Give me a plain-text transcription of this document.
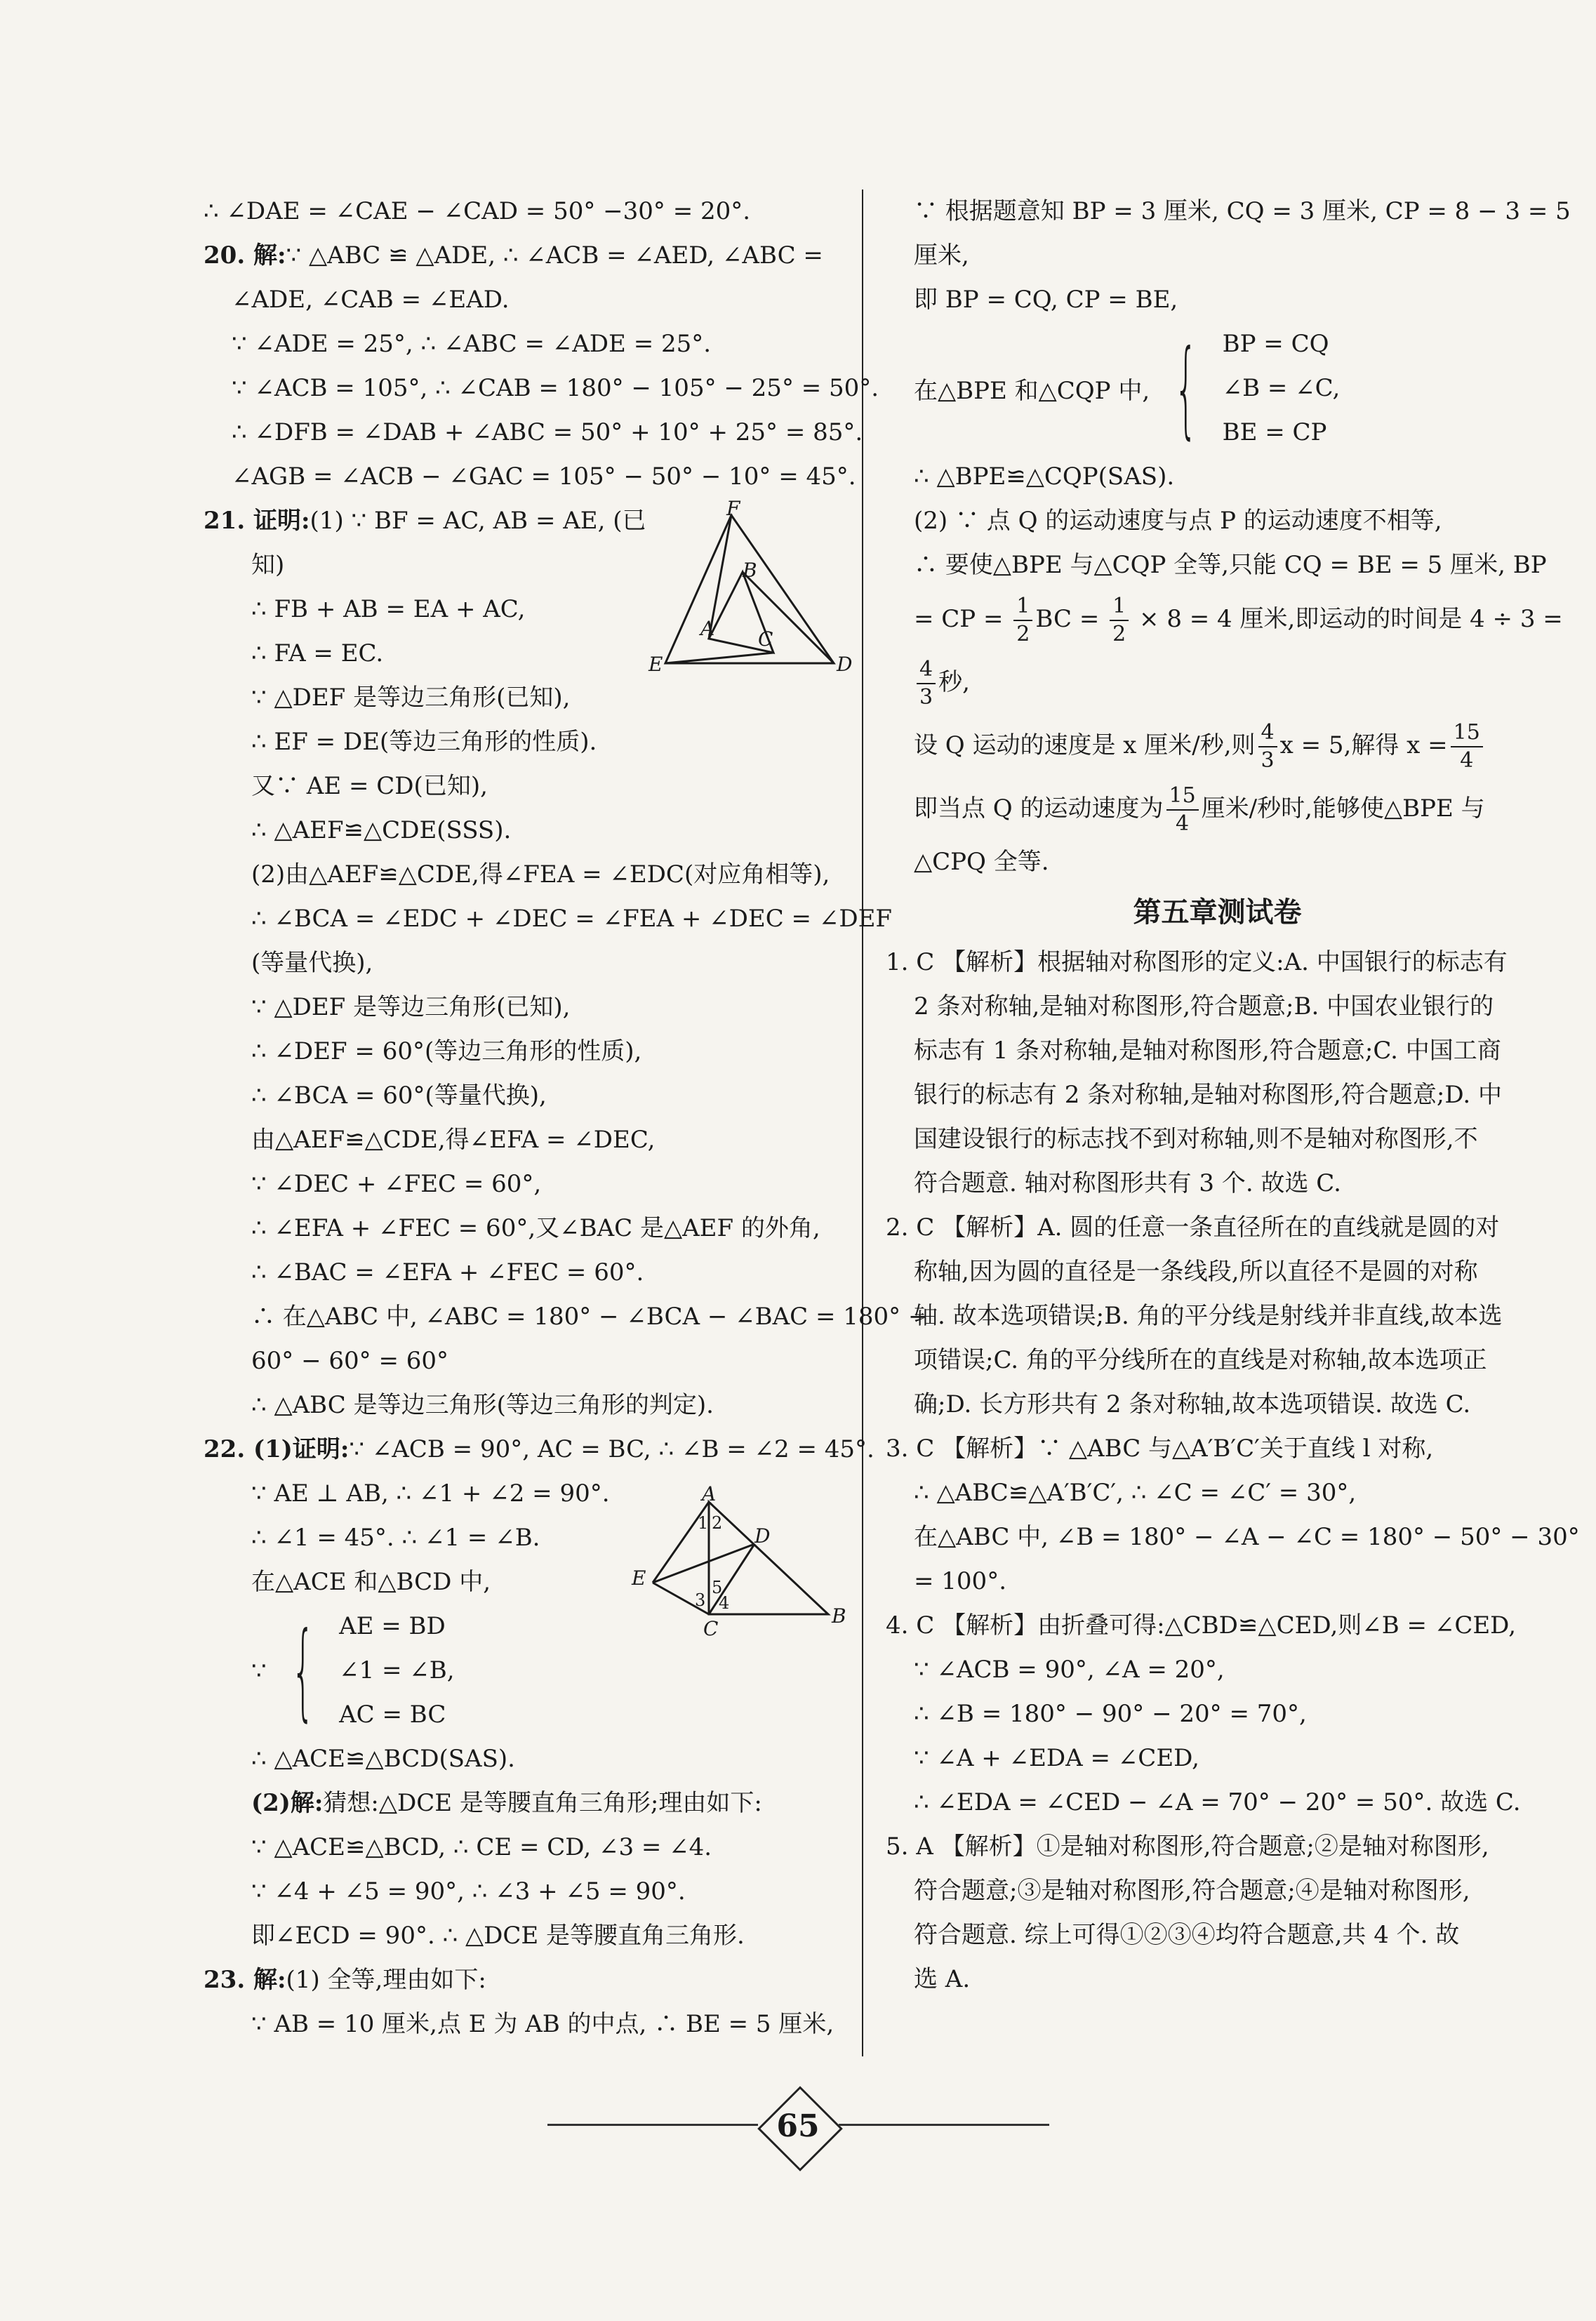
∴ ∠DAE = ∠CAE − ∠CAD = 50° −30° = 20°.
20. 解:∵ △ABC ≌ △ADE, ∴ ∠ACB = ∠AED, ∠ABC =
∠ADE, ∠CAB = ∠EAD.
∵ ∠ADE = 25°, ∴ ∠ABC = ∠ADE = 25°.
∵ ∠ACB = 105°, ∴ ∠CAB = 180° − 105° − 25° = 50°.
∴ ∠DFB = ∠DAB + ∠ABC = 50° + 10° + 25° = 85°.
∠AGB = ∠ACB − ∠GAC = 105° − 50° − 10° = 45°.
21. 证明:(1) ∵ BF = AC, AB = AE, (已
知)
∴ FB + AB = EA + AC,
∴ FA = EC.
∵ △DEF 是等边三角形(已知),
∴ EF = DE(等边三角形的性质).
又∵ AE = CD(已知),
∴ △AEF≌△CDE(SSS).
(2)由△AEF≌△CDE,得∠FEA = ∠EDC(对应角相等),
∴ ∠BCA = ∠EDC + ∠DEC = ∠FEA + ∠DEC = ∠DEF
(等量代换),
∵ △DEF 是等边三角形(已知),
∴ ∠DEF = 60°(等边三角形的性质),
∴ ∠BCA = 60°(等量代换),
由△AEF≌△CDE,得∠EFA = ∠DEC,
∵ ∠DEC + ∠FEC = 60°,
∴ ∠EFA + ∠FEC = 60°,又∠BAC 是△AEF 的外角,
∴ ∠BAC = ∠EFA + ∠FEC = 60°.
∴ 在△ABC 中, ∠ABC = 180° − ∠BCA − ∠BAC = 180° −
60° − 60° = 60°
∴ △ABC 是等边三角形(等边三角形的判定).
22. (1)证明:∵ ∠ACB = 90°, AC = BC, ∴ ∠B = ∠2 = 45°.
∵ AE ⊥ AB, ∴ ∠1 + ∠2 = 90°.
∴ ∠1 = 45°. ∴ ∠1 = ∠B.
在△ACE 和△BCD 中,
∵ { AE = BD
∠1 = ∠B,
AC = BC
∴ △ACE≌△BCD(SAS).
(2)解:猜想:△DCE 是等腰直角三角形;理由如下:
∵ △ACE≌△BCD, ∴ CE = CD, ∠3 = ∠4.
∵ ∠4 + ∠5 = 90°, ∴ ∠3 + ∠5 = 90°.
即∠ECD = 90°. ∴ △DCE 是等腰直角三角形.
23. 解:(1) 全等,理由如下:
∵ AB = 10 厘米,点 E 为 AB 的中点, ∴ BE = 5 厘米,
F
B
A C
E	D
A
D
E
C
B
1 2
3 4
5
∵ 根据题意知 BP = 3 厘米, CQ = 3 厘米, CP = 8 − 3 = 5
厘米,
即 BP = CQ, CP = BE,
在△BPE 和△CQP 中, { BP = CQ
∠B = ∠C,
BE = CP
∴ △BPE≌△CQP(SAS).
(2) ∵ 点 Q 的运动速度与点 P 的运动速度不相等,
∴ 要使△BPE 与△CQP 全等,只能 CQ = BE = 5 厘米, BP
= CP = $\frac{1}{2}$ BC = $\frac{1}{2} \times 8 = 4$ 厘米,即运动的时间是 4 ÷ 3 =
$\frac{4}{3}$ 秒,
设 Q 运动的速度是 x 厘米/秒,则 $\frac{4}{3}$ x = 5,解得 $x = \frac{15}{4}$
即当点 Q 的运动速度为 $\frac{15}{4}$ 厘米/秒时,能够使△BPE 与
△CPQ 全等.
第五章测试卷
1. C 【解析】根据轴对称图形的定义:A. 中国银行的标志有
2 条对称轴,是轴对称图形,符合题意;B. 中国农业银行的
标志有 1 条对称轴,是轴对称图形,符合题意;C. 中国工商
银行的标志有 2 条对称轴,是轴对称图形,符合题意;D. 中
国建设银行的标志找不到对称轴,则不是轴对称图形,不
符合题意. 轴对称图形共有 3 个. 故选 C.
2. C 【解析】A. 圆的任意一条直径所在的直线就是圆的对
称轴,因为圆的直径是一条线段,所以直径不是圆的对称
轴. 故本选项错误;B. 角的平分线是射线并非直线,故本选
项错误;C. 角的平分线所在的直线是对称轴,故本选项正
确;D. 长方形共有 2 条对称轴,故本选项错误. 故选 C.
3. C 【解析】∵ △ABC 与△A′B′C′关于直线 l 对称,
∴ △ABC≌△A′B′C′, ∴ ∠C = ∠C′ = 30°,
在△ABC 中, ∠B = 180° − ∠A − ∠C = 180° − 50° − 30°
= 100°.
4. C 【解析】由折叠可得:△CBD≌△CED,则∠B = ∠CED,
∵ ∠ACB = 90°, ∠A = 20°,
∴ ∠B = 180° − 90° − 20° = 70°,
∵ ∠A + ∠EDA = ∠CED,
∴ ∠EDA = ∠CED − ∠A = 70° − 20° = 50°. 故选 C.
5. A 【解析】①是轴对称图形,符合题意;②是轴对称图形,
符合题意;③是轴对称图形,符合题意;④是轴对称图形,
符合题意. 综上可得①②③④均符合题意,共 4 个. 故
选 A.
65
